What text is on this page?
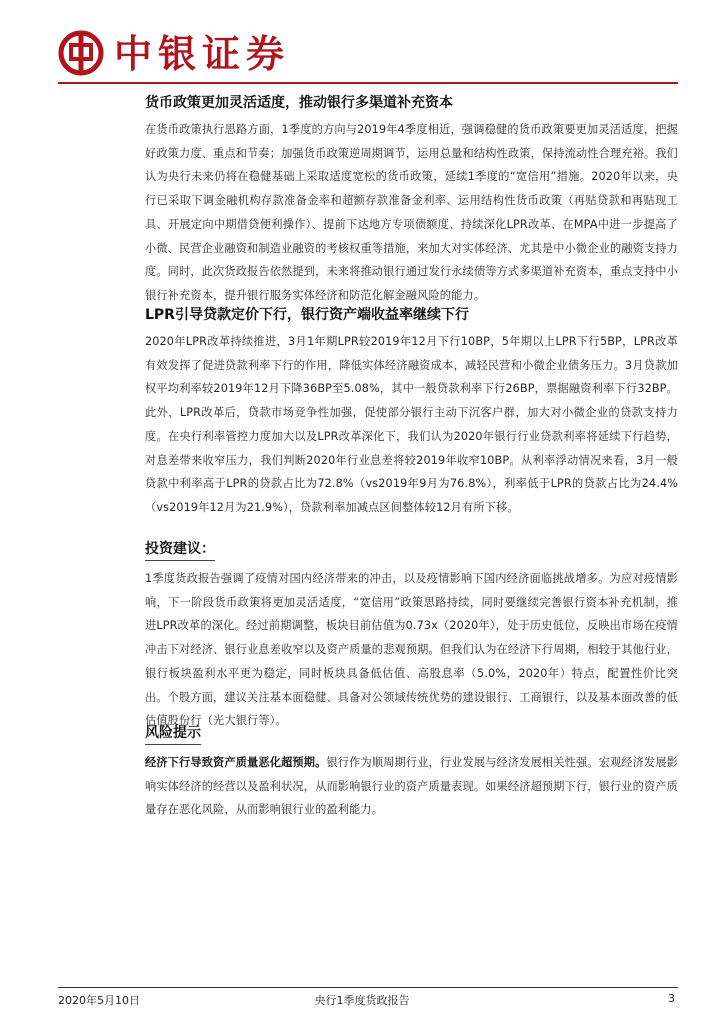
中银证券
货币政策更加灵活适度，推动银行多渠道补充资本

在货币政策执行思路方面，1季度的方向与2019年4季度相近，强调稳健的货币政策要更加灵活适度，把握好政策力度、重点和节奏；加强货币政策逆周期调节，运用总量和结构性政策，保持流动性合理充裕。我们认为央行未来仍将在稳健基础上采取适度宽松的货币政策，延续1季度的“宽信用”措施。2020年以来，央行已采取下调金融机构存款准备金率和超额存款准备金利率、运用结构性货币政策（再贴贷款和再贴现工具、开展定向中期借贷便利操作）、提前下达地方专项债额度、持续深化LPR改革、在MPA中进一步提高了小微、民营企业融资和制造业融资的考核权重等措施，来加大对实体经济、尤其是中小微企业的融资支持力度。同时，此次货政报告依然提到，未来将推动银行通过发行永续债等方式多渠道补充资本，重点支持中小银行补充资本，提升银行服务实体经济和防范化解金融风险的能力。

LPR引导贷款定价下行，银行资产端收益率继续下行

2020年LPR改革持续推进，3月1年期LPR较2019年12月下行10BP，5年期以上LPR下行5BP，LPR改革有效发挥了促进贷款利率下行的作用，降低实体经济融资成本，减轻民营和小微企业债务压力。3月贷款加权平均利率较2019年12月下降36BP至5.08%，其中一般贷款利率下行26BP，票据融资利率下行32BP。此外，LPR改革后，贷款市场竞争性加强，促使部分银行主动下沉客户群，加大对小微企业的贷款支持力度。在央行利率管控力度加大以及LPR改革深化下，我们认为2020年银行行业贷款利率将延续下行趋势，对息差带来收窄压力，我们判断2020年行业息差将较2019年收窄10BP。从利率浮动情况来看，3月一般贷款中利率高于LPR的贷款占比为72.8%（vs2019年9月为76.8%），利率低于LPR的贷款占比为24.4%（vs2019年12月为21.9%），贷款利率加减点区间整体较12月有所下移。

投资建议：

1季度货政报告强调了疫情对国内经济带来的冲击，以及疫情影响下国内经济面临挑战增多。为应对疫情影响，下一阶段货币政策将更加灵活适度，“宽信用”政策思路持续，同时要继续完善银行资本补充机制，推进LPR改革的深化。经过前期调整，板块目前估值为0.73x（2020年），处于历史低位，反映出市场在疫情冲击下对经济、银行业息差收窄以及资产质量的悲观预期。但我们认为在经济下行周期，相较于其他行业，银行板块盈利水平更为稳定，同时板块具备低估值、高股息率（5.0%，2020年）特点，配置性价比突出。个股方面，建议关注基本面稳健、具备对公领域传统优势的建设银行、工商银行，以及基本面改善的低估值股份行（光大银行等）。

风险提示

经济下行导致资产质量恶化超预期。银行作为顺周期行业，行业发展与经济发展相关性强。宏观经济发展影响实体经济的经营以及盈利状况，从而影响银行业的资产质量表现。如果经济超预期下行，银行业的资产质量存在恶化风险，从而影响银行业的盈利能力。

2020年5月10日	央行1季度货政报告	3
